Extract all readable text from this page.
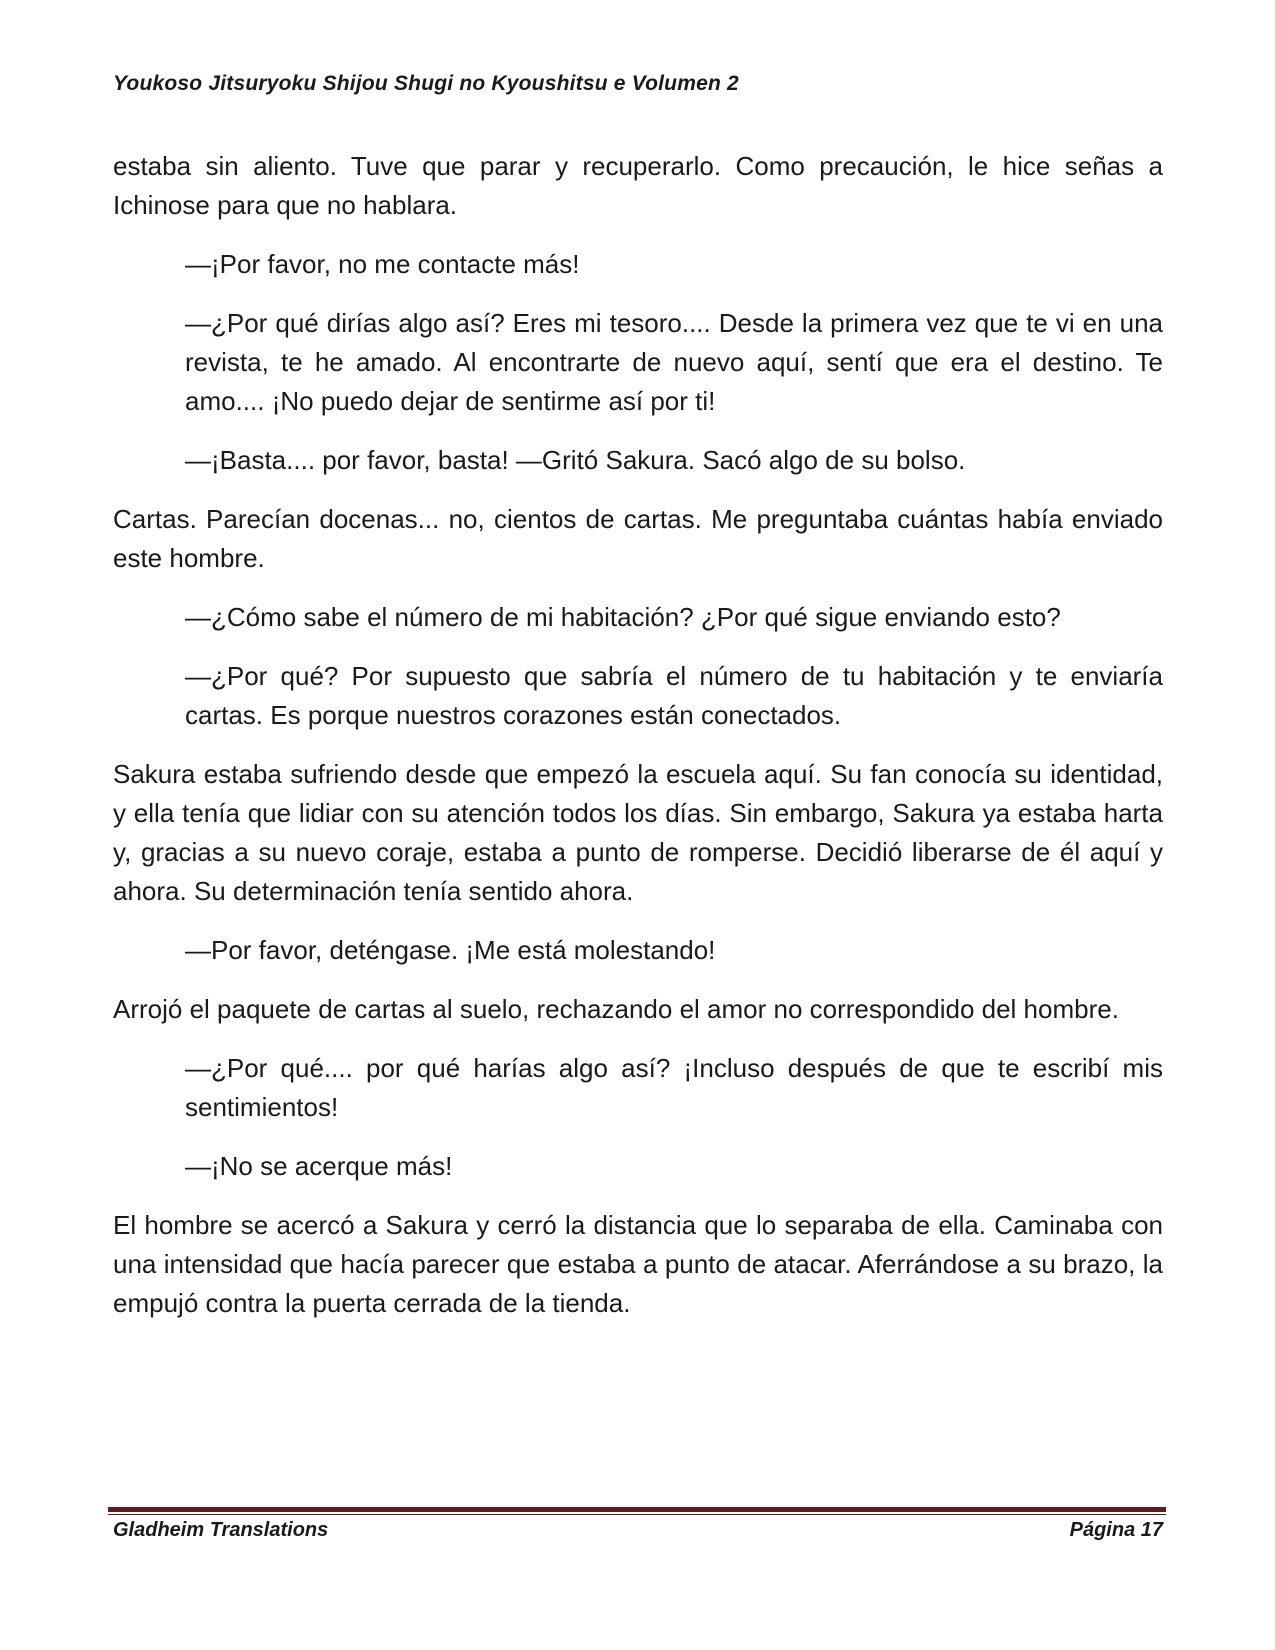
Youkoso Jitsuryoku Shijou Shugi no Kyoushitsu e Volumen 2

estaba sin aliento. Tuve que parar y recuperarlo. Como precaución, le hice señas a Ichinose para que no hablara.

—¡Por favor, no me contacte más!

—¿Por qué dirías algo así? Eres mi tesoro.... Desde la primera vez que te vi en una revista, te he amado. Al encontrarte de nuevo aquí, sentí que era el destino. Te amo.... ¡No puedo dejar de sentirme así por ti!

—¡Basta.... por favor, basta! —Gritó Sakura. Sacó algo de su bolso.

Cartas. Parecían docenas... no, cientos de cartas. Me preguntaba cuántas había enviado este hombre.

—¿Cómo sabe el número de mi habitación? ¿Por qué sigue enviando esto?

—¿Por qué? Por supuesto que sabría el número de tu habitación y te enviaría cartas. Es porque nuestros corazones están conectados.

Sakura estaba sufriendo desde que empezó la escuela aquí. Su fan conocía su identidad, y ella tenía que lidiar con su atención todos los días. Sin embargo, Sakura ya estaba harta y, gracias a su nuevo coraje, estaba a punto de romperse. Decidió liberarse de él aquí y ahora. Su determinación tenía sentido ahora.

—Por favor, deténgase. ¡Me está molestando!

Arrojó el paquete de cartas al suelo, rechazando el amor no correspondido del hombre.

—¿Por qué.... por qué harías algo así? ¡Incluso después de que te escribí mis sentimientos!

—¡No se acerque más!

El hombre se acercó a Sakura y cerró la distancia que lo separaba de ella. Caminaba con una intensidad que hacía parecer que estaba a punto de atacar. Aferrándose a su brazo, la empujó contra la puerta cerrada de la tienda.

Gladheim Translations	Página 17
